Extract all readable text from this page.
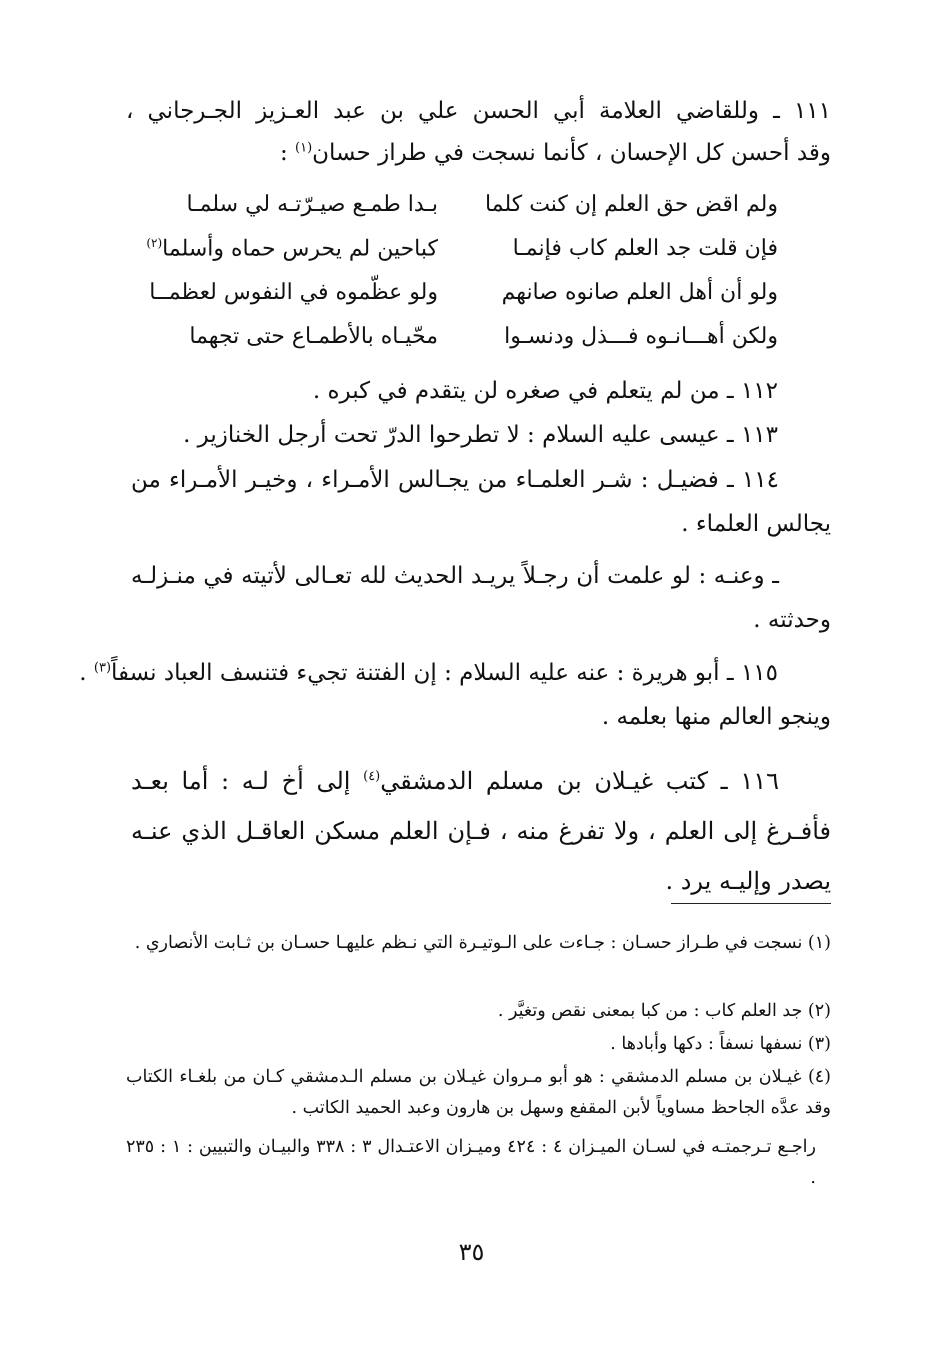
١١١ ـ وللقاضي العلامة أبي الحسن علي بن عبد العـزيز الجـرجاني ،
وقد أحسن كل الإحسان ، كأنما نسجت في طراز حسان$^{(١)}$ :
ولم اقض حق العلم إن كنت كلما
بـدا طمـع صيـرّتـه لي سلمـا
فإن قلت جد العلم كاب فإنمـا
كباحين لم يحرس حماه وأسلما$^{(٢)}$
ولو أن أهل العلم صانوه صانهم
ولو عظّموه في النفوس لعظمــا
ولكن أهـــانـوه فـــذل ودنسـوا
محّيـاه بالأطمـاع حتى تجهما
١١٢ ـ من لم يتعلم في صغره لن يتقدم في كبره .
١١٣ ـ عيسى عليه السلام : لا تطرحوا الدرّ تحت أرجل الخنازير .
١١٤ ـ فضيـل : شـر العلمـاء من يجـالس الأمـراء ، وخيـر الأمـراء من يجالس العلماء .
ـ وعنـه : لو علمت أن رجـلاً يريـد الحديث لله تعـالى لأتيته في منـزلـه وحدثته .
١١٥ ـ أبو هريرة : عنه عليه السلام : إن الفتنة تجيء فتنسف العباد نسفاً$^{(٣)}$ .
وينجو العالم منها بعلمه .
١١٦ ـ كتب غيـلان بن مسلم الدمشقي$^{(٤)}$ إلى أخ لـه : أما بعـد فأفـرغ إلى العلم ، ولا تفرغ منه ، فـإن العلم مسكن العاقـل الذي عنـه يصدر وإليـه يرد .
(١) نسجت في طـراز حسـان : جـاءت على الـوتيـرة التي نـظم عليهـا حسـان بن ثـابت الأنصاري .
(٢) جد العلم كاب : من كبا بمعنى نقص وتغيَّر .
(٣) نسفها نسفاً : دكها وأبادها .
(٤) غيـلان بن مسلم الدمشقي : هو أبو مـروان غيـلان بن مسلم الـدمشقي كـان من بلغـاء الكتاب وقد عدَّه الجاحظ مساوياً لأبن المقفع وسهل بن هارون وعبد الحميد الكاتب .
راجـع تـرجمتـه في لسـان الميـزان ٤ : ٤٢٤ وميـزان الاعتـدال ٣ : ٣٣٨ والبيـان والتبيين : ١ : ٢٣٥ .
٣٥
